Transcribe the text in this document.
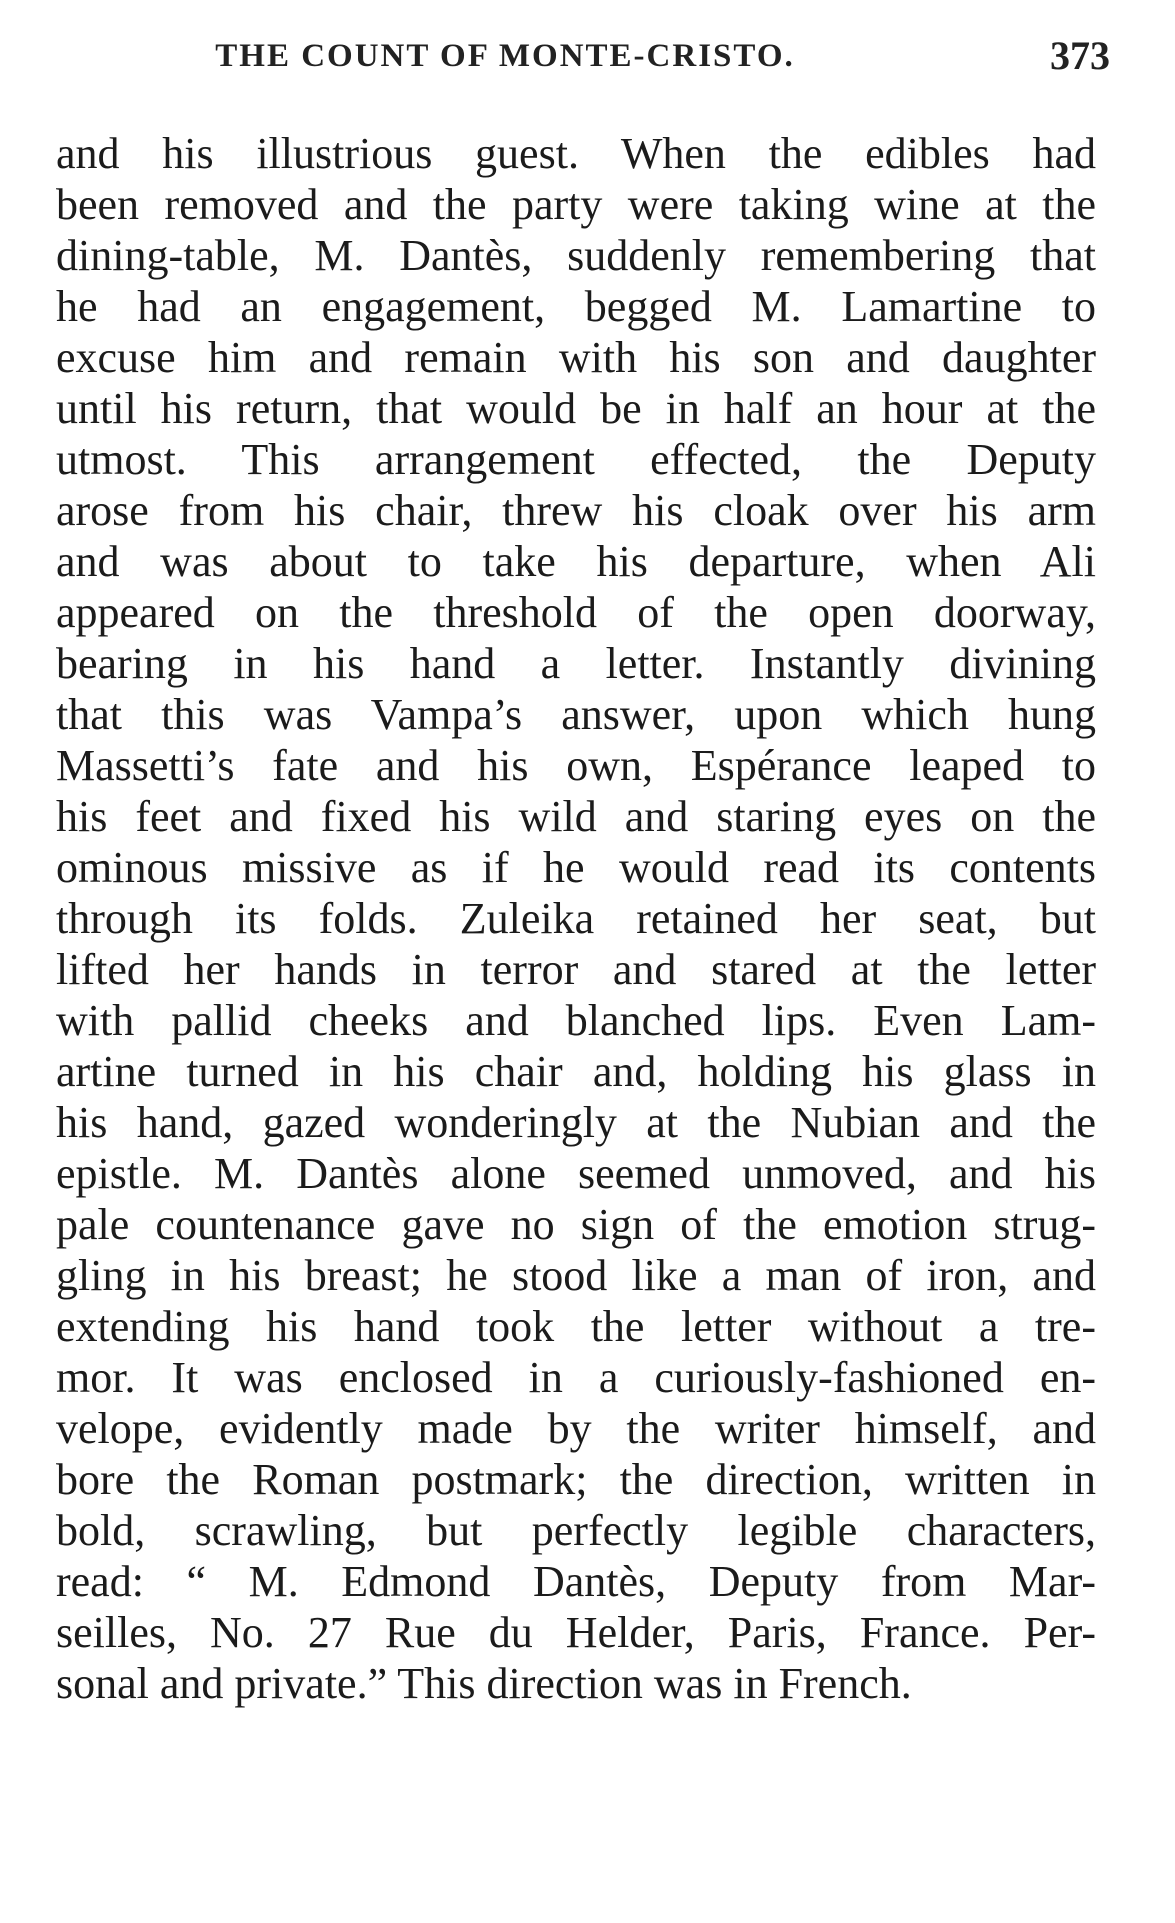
THE COUNT OF MONTE-CRISTO.	373
and his illustrious guest. When the edibles had
been removed and the party were taking wine at the
dining-table, M. Dantès, suddenly remembering that
he had an engagement, begged M. Lamartine to
excuse him and remain with his son and daughter
until his return, that would be in half an hour at the
utmost. This arrangement effected, the Deputy
arose from his chair, threw his cloak over his arm
and was about to take his departure, when Ali
appeared on the threshold of the open doorway,
bearing in his hand a letter. Instantly divining
that this was Vampa’s answer, upon which hung
Massetti’s fate and his own, Espérance leaped to
his feet and fixed his wild and staring eyes on the
ominous missive as if he would read its contents
through its folds. Zuleika retained her seat, but
lifted her hands in terror and stared at the letter
with pallid cheeks and blanched lips. Even Lam-
artine turned in his chair and, holding his glass in
his hand, gazed wonderingly at the Nubian and the
epistle. M. Dantès alone seemed unmoved, and his
pale countenance gave no sign of the emotion strug-
gling in his breast; he stood like a man of iron, and
extending his hand took the letter without a tre-
mor. It was enclosed in a curiously-fashioned en-
velope, evidently made by the writer himself, and
bore the Roman postmark; the direction, written in
bold, scrawling, but perfectly legible characters,
read: “ M. Edmond Dantès, Deputy from Mar-
seilles, No. 27 Rue du Helder, Paris, France. Per-
sonal and private.” This direction was in French.
